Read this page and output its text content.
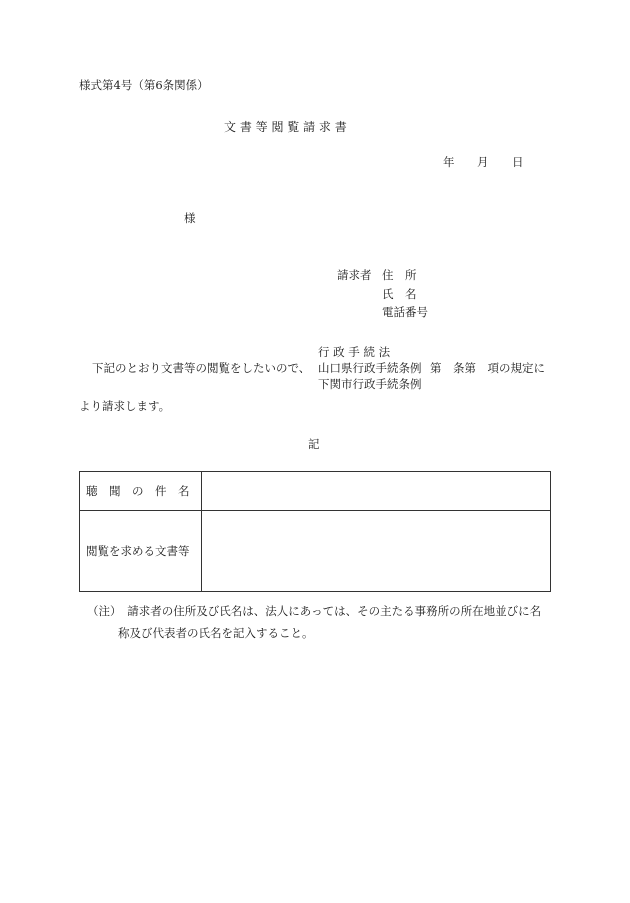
様式第4号（第6条関係）
文 書 等 閲 覧 請 求 書
年 月 日
様
請求者 住　所
氏　名
電話番号
行 政 手 続 法
下記のとおり文書等の閲覧をしたいので、 山口県行政手続条例 第　条第　項の規定に
下関市行政手続条例
より請求します。
記
聴　聞　の　件　名	
閲覧を求める文書等	
（注）　 請求者の住所及び氏名は、法人にあっては、その主たる事務所の所在地並びに名
称及び代表者の氏名を記入すること。
